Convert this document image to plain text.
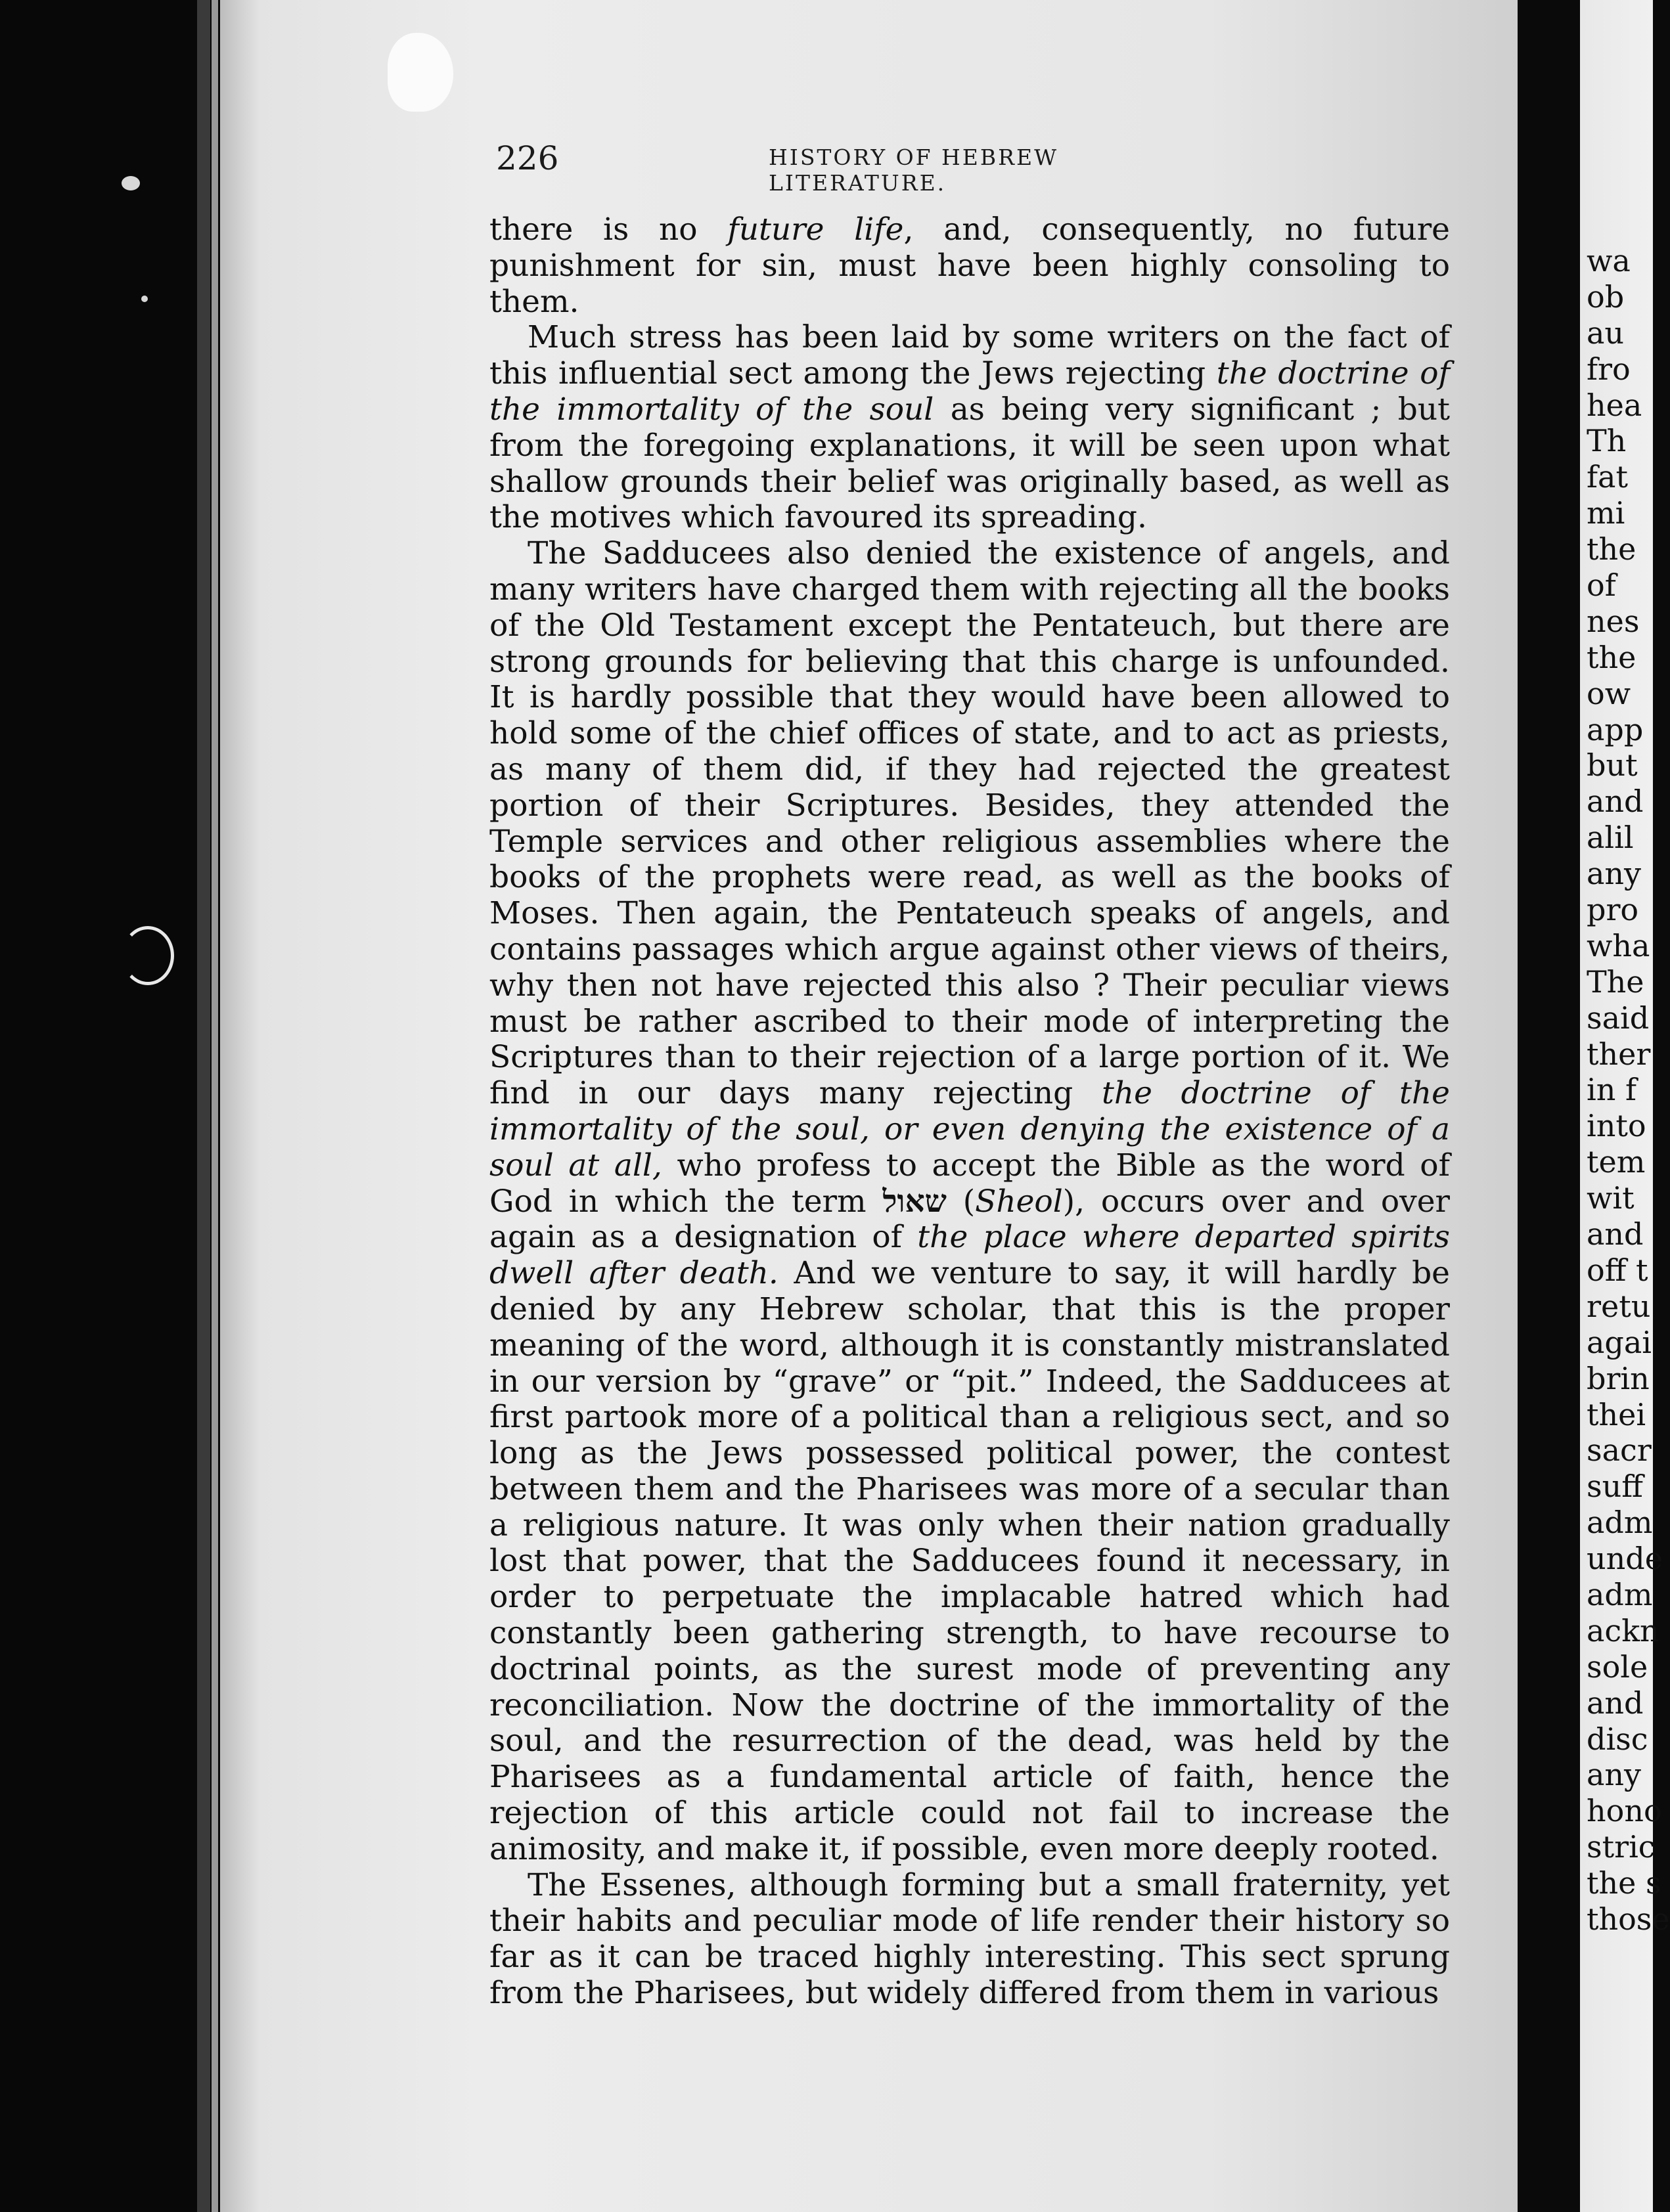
226	HISTORY OF HEBREW LITERATURE.

there is no future life, and, consequently, no future punishment for sin, must have been highly consoling to them.

Much stress has been laid by some writers on the fact of this influential sect among the Jews rejecting the doctrine of the immortality of the soul as being very significant ; but from the foregoing explanations, it will be seen upon what shallow grounds their belief was originally based, as well as the motives which favoured its spreading.

The Sadducees also denied the existence of angels, and many writers have charged them with rejecting all the books of the Old Testament except the Pentateuch, but there are strong grounds for believing that this charge is unfounded. It is hardly possible that they would have been allowed to hold some of the chief offices of state, and to act as priests, as many of them did, if they had rejected the greatest portion of their Scriptures. Besides, they attended the Temple services and other religious assemblies where the books of the prophets were read, as well as the books of Moses. Then again, the Pentateuch speaks of angels, and contains passages which argue against other views of theirs, why then not have rejected this also ? Their peculiar views must be rather ascribed to their mode of interpreting the Scriptures than to their rejection of a large portion of it. We find in our days many rejecting the doctrine of the immortality of the soul, or even denying the existence of a soul at all, who profess to accept the Bible as the word of God in which the term שאול (Sheol), occurs over and over again as a designation of the place where departed spirits dwell after death. And we venture to say, it will hardly be denied by any Hebrew scholar, that this is the proper meaning of the word, although it is constantly mistranslated in our version by “grave” or “pit.” Indeed, the Sadducees at first partook more of a political than a religious sect, and so long as the Jews possessed political power, the contest between them and the Pharisees was more of a secular than a religious nature. It was only when their nation gradually lost that power, that the Sadducees found it necessary, in order to perpetuate the implacable hatred which had constantly been gathering strength, to have recourse to doctrinal points, as the surest mode of preventing any reconciliation. Now the doctrine of the immortality of the soul, and the resurrection of the dead, was held by the Pharisees as a fundamental article of faith, hence the rejection of this article could not fail to increase the animosity, and make it, if possible, even more deeply rooted.

The Essenes, although forming but a small fraternity, yet their habits and peculiar mode of life render their history so far as it can be traced highly interesting. This sect sprung from the Pharisees, but widely differed from them in various

wa
ob
au
fro
hea
Th
fat
mi
the
of
nes
the
ow
app
but
and
alil
any
pro
wha
The
said
ther
in f
into
tem
wit
and
off t
retu
agai
brin
thei
sacr
suff
adm
unde
adm
ackn
sole
and
disc
any
hono
stric
the s
those
